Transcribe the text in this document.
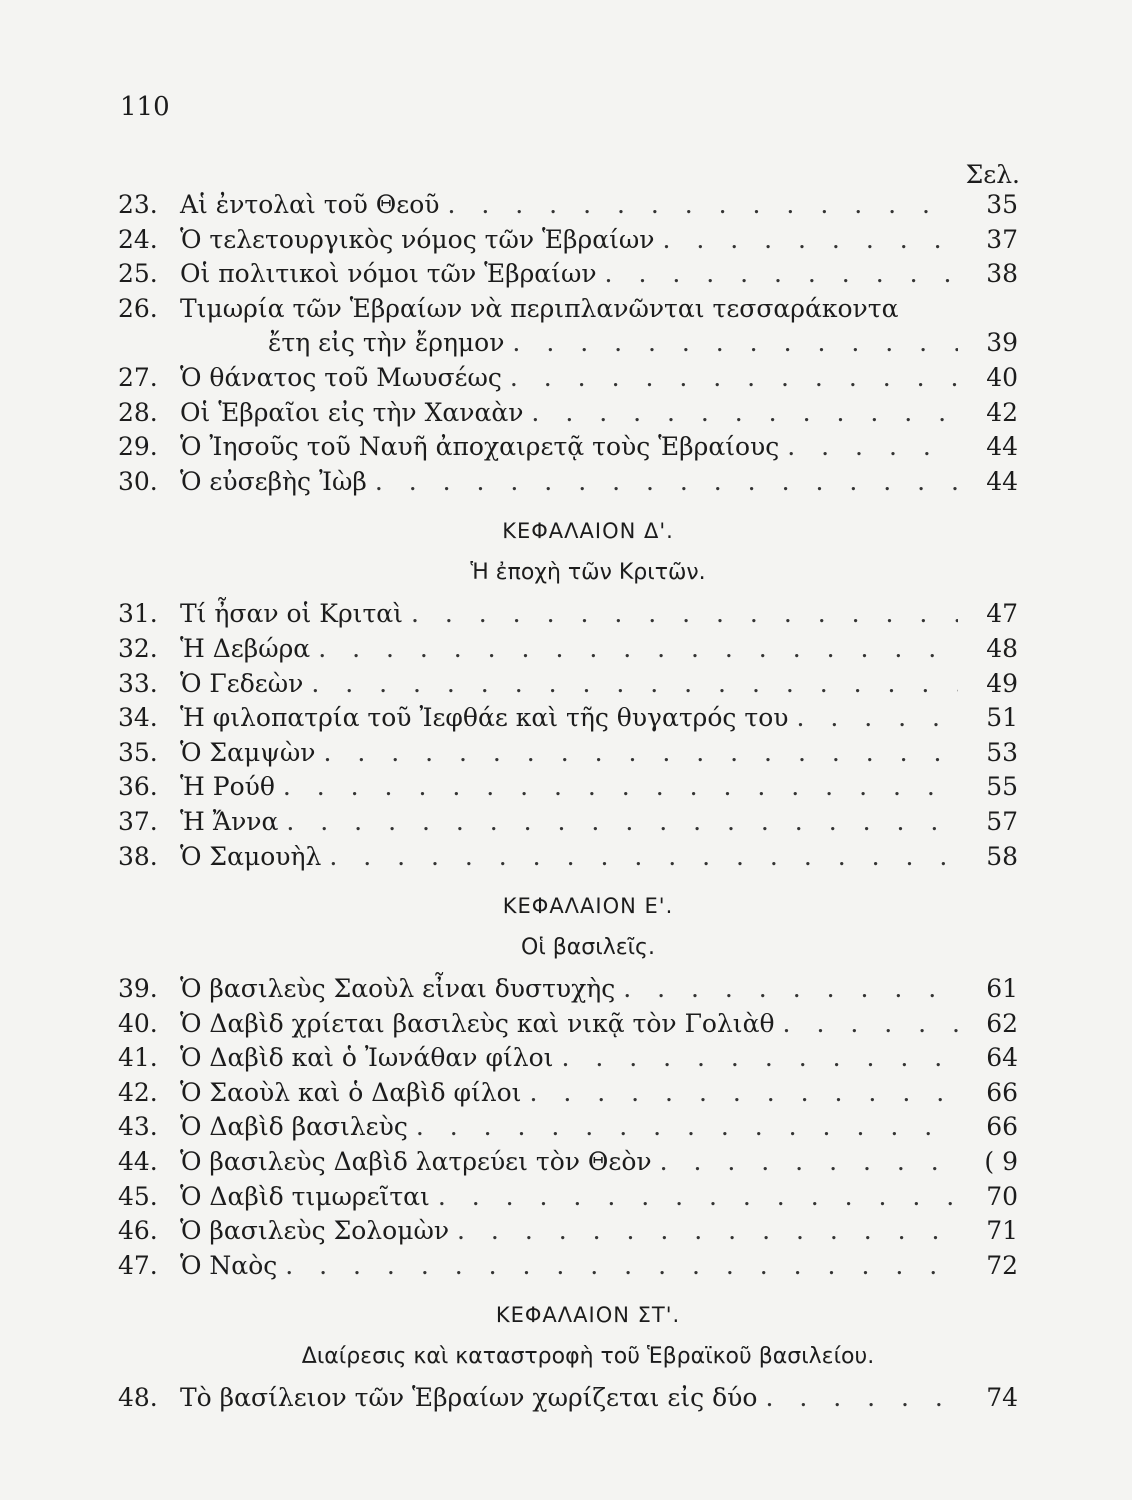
110
Σελ.
23. Αἱ ἐντολαὶ τοῦ Θεοῦ . . .	35
24. Ὁ τελετουργικὸς νόμος τῶν Ἑβραίων . . .	37
25. Οἱ πολιτικοὶ νόμοι τῶν Ἑβραίων . . .	38
26. Τιμωρία τῶν Ἑβραίων νὰ περιπλανῶνται τεσσαράκοντα
ἔτη εἰς τὴν ἔρημον . . .	39
27. Ὁ θάνατος τοῦ Μωυσέως . . .	40
28. Οἱ Ἑβραῖοι εἰς τὴν Χαναὰν . . .	42
29. Ὁ Ἰησοῦς τοῦ Ναυῆ ἀποχαιρετᾷ τοὺς Ἑβραίους . . .	44
30. Ὁ εὐσεβὴς Ἰὼβ . . .	44
ΚΕΦΑΛΑΙΟΝ Δ'.
Ἡ ἐποχὴ τῶν Κριτῶν.
31. Τί ἦσαν οἱ Κριταὶ . . .	47
32. Ἡ Δεβώρα . . .	48
33. Ὁ Γεδεὼν . . .	49
34. Ἡ φιλοπατρία τοῦ Ἰεφθάε καὶ τῆς θυγατρός του . . .	51
35. Ὁ Σαμψὼν . . .	53
36. Ἡ Ρούθ . . .	55
37. Ἡ Ἄννα . . .	57
38. Ὁ Σαμουὴλ . . .	58
ΚΕΦΑΛΑΙΟΝ Ε'.
Οἱ βασιλεῖς.
39. Ὁ βασιλεὺς Σαοὺλ εἶναι δυστυχὴς . . .	61
40. Ὁ Δαβὶδ χρίεται βασιλεὺς καὶ νικᾷ τὸν Γολιὰθ . . .	62
41. Ὁ Δαβὶδ καὶ ὁ Ἰωνάθαν φίλοι . . .	64
42. Ὁ Σαοὺλ καὶ ὁ Δαβὶδ φίλοι . . .	66
43. Ὁ Δαβὶδ βασιλεὺς . . .	66
44. Ὁ βασιλεὺς Δαβὶδ λατρεύει τὸν Θεὸν . . .	( 9
45. Ὁ Δαβὶδ τιμωρεῖται . . .	70
46. Ὁ βασιλεὺς Σολομὼν . . .	71
47. Ὁ Ναὸς . . .	72
ΚΕΦΑΛΑΙΟΝ ΣΤ'.
Διαίρεσις καὶ καταστροφὴ τοῦ Ἑβραϊκοῦ βασιλείου.
48. Τὸ βασίλειον τῶν Ἑβραίων χωρίζεται εἰς δύο . . .	74
